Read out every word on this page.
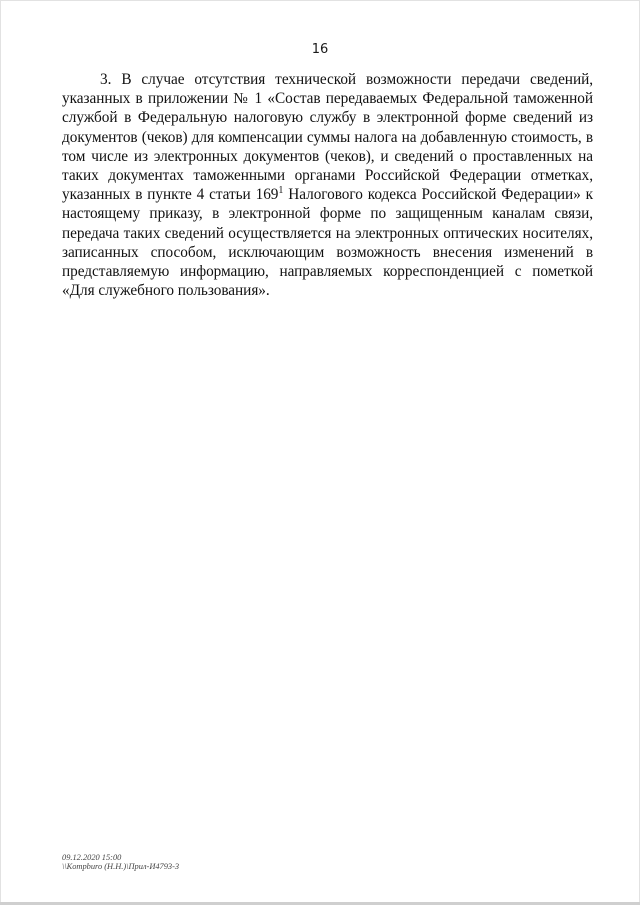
16

3. В случае отсутствия технической возможности передачи сведений, указанных в приложении № 1 «Состав передаваемых Федеральной таможенной службой в Федеральную налоговую службу в электронной форме сведений из документов (чеков) для компенсации суммы налога на добавленную стоимость, в том числе из электронных документов (чеков), и сведений о проставленных на таких документах таможенными органами Российской Федерации отметках, указанных в пункте 4 статьи $169^1$ Налогового кодекса Российской Федерации» к настоящему приказу, в электронной форме по защищенным каналам связи, передача таких сведений осуществляется на электронных оптических носителях, записанных способом, исключающим возможность внесения изменений в представляемую информацию, направляемых корреспонденцией с пометкой «Для служебного пользования».

09.12.2020 15:00
\\Kompburo (Н.Н.)\Прил-И4793-3
